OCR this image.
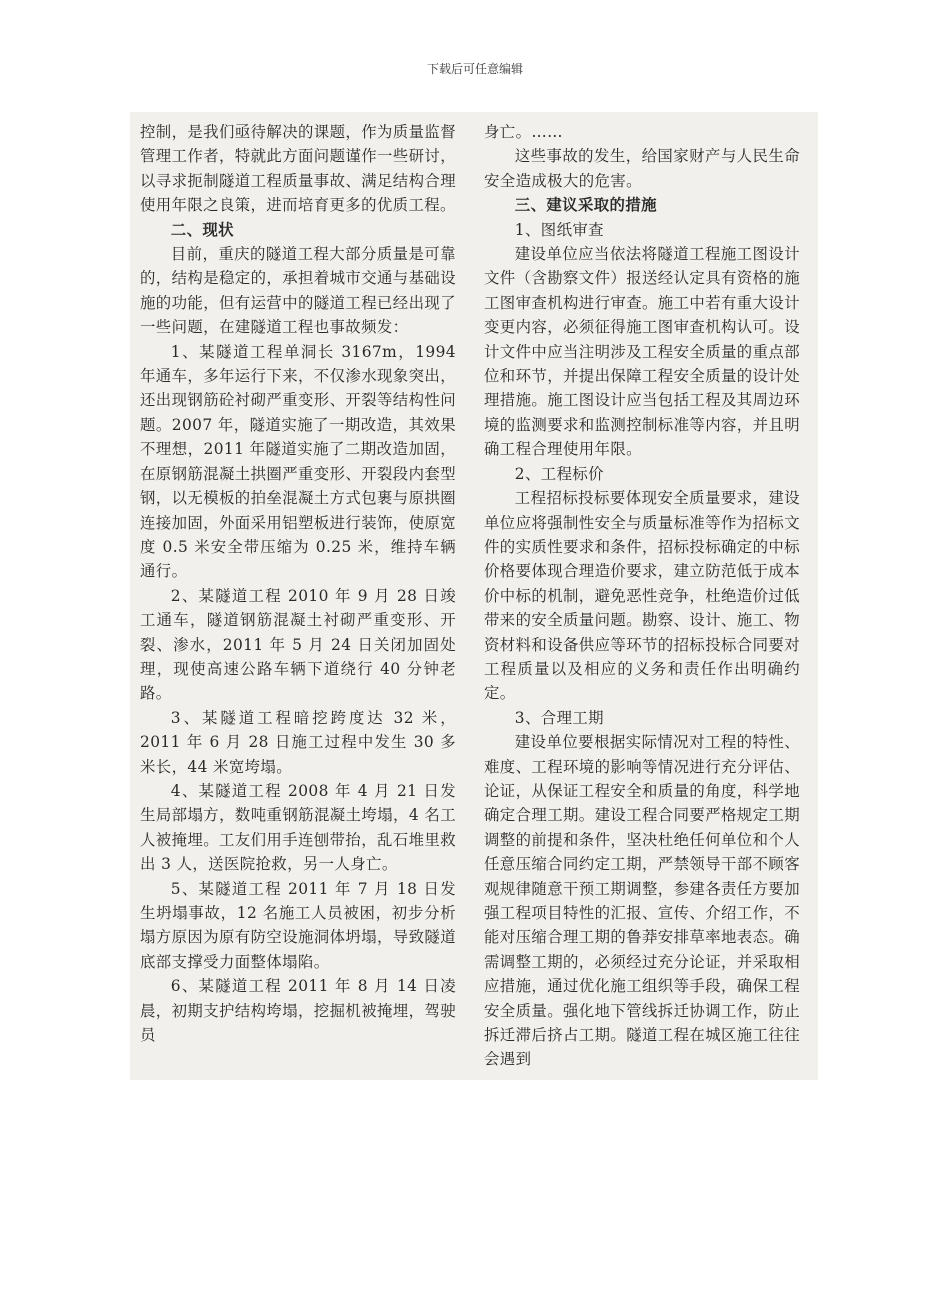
下载后可任意编辑

控制，是我们亟待解决的课题，作为质量监督管理工作者，特就此方面问题谨作一些研讨，以寻求扼制隧道工程质量事故、满足结构合理使用年限之良策，进而培育更多的优质工程。

二、现状

目前，重庆的隧道工程大部分质量是可靠的，结构是稳定的，承担着城市交通与基础设施的功能，但有运营中的隧道工程已经出现了一些问题，在建隧道工程也事故频发：

1、某隧道工程单洞长 3167m，1994 年通车，多年运行下来，不仅渗水现象突出，还出现钢筋砼衬砌严重变形、开裂等结构性问题。2007 年，隧道实施了一期改造，其效果不理想，2011 年隧道实施了二期改造加固，在原钢筋混凝土拱圈严重变形、开裂段内套型钢，以无模板的拍垒混凝土方式包裹与原拱圈连接加固，外面采用铝塑板进行装饰，使原宽度 0.5 米安全带压缩为 0.25 米，维持车辆通行。

2、某隧道工程 2010 年 9 月 28 日竣工通车，隧道钢筋混凝土衬砌严重变形、开裂、渗水，2011 年 5 月 24 日关闭加固处理，现使高速公路车辆下道绕行 40 分钟老路。

3、某隧道工程暗挖跨度达 32 米，2011 年 6 月 28 日施工过程中发生 30 多米长，44 米宽垮塌。

4、某隧道工程 2008 年 4 月 21 日发生局部塌方，数吨重钢筋混凝土垮塌，4 名工人被掩埋。工友们用手连刨带抬，乱石堆里救出 3 人，送医院抢救，另一人身亡。

5、某隧道工程 2011 年 7 月 18 日发生坍塌事故，12 名施工人员被困，初步分析塌方原因为原有防空设施洞体坍塌，导致隧道底部支撑受力面整体塌陷。

6、某隧道工程 2011 年 8 月 14 日凌晨，初期支护结构垮塌，挖掘机被掩埋，驾驶员

身亡。……

这些事故的发生，给国家财产与人民生命安全造成极大的危害。

三、建议采取的措施

1、图纸审查

建设单位应当依法将隧道工程施工图设计文件（含勘察文件）报送经认定具有资格的施工图审查机构进行审查。施工中若有重大设计变更内容，必须征得施工图审查机构认可。设计文件中应当注明涉及工程安全质量的重点部位和环节，并提出保障工程安全质量的设计处理措施。施工图设计应当包括工程及其周边环境的监测要求和监测控制标准等内容，并且明确工程合理使用年限。

2、工程标价

工程招标投标要体现安全质量要求，建设单位应将强制性安全与质量标准等作为招标文件的实质性要求和条件，招标投标确定的中标价格要体现合理造价要求，建立防范低于成本价中标的机制，避免恶性竞争，杜绝造价过低带来的安全质量问题。勘察、设计、施工、物资材料和设备供应等环节的招标投标合同要对工程质量以及相应的义务和责任作出明确约定。

3、合理工期

建设单位要根据实际情况对工程的特性、难度、工程环境的影响等情况进行充分评估、论证，从保证工程安全和质量的角度，科学地确定合理工期。建设工程合同要严格规定工期调整的前提和条件，坚决杜绝任何单位和个人任意压缩合同约定工期，严禁领导干部不顾客观规律随意干预工期调整，参建各责任方要加强工程项目特性的汇报、宣传、介绍工作，不能对压缩合理工期的鲁莽安排草率地表态。确需调整工期的，必须经过充分论证，并采取相应措施，通过优化施工组织等手段，确保工程安全质量。强化地下管线拆迁协调工作，防止拆迁滞后挤占工期。隧道工程在城区施工往往会遇到
